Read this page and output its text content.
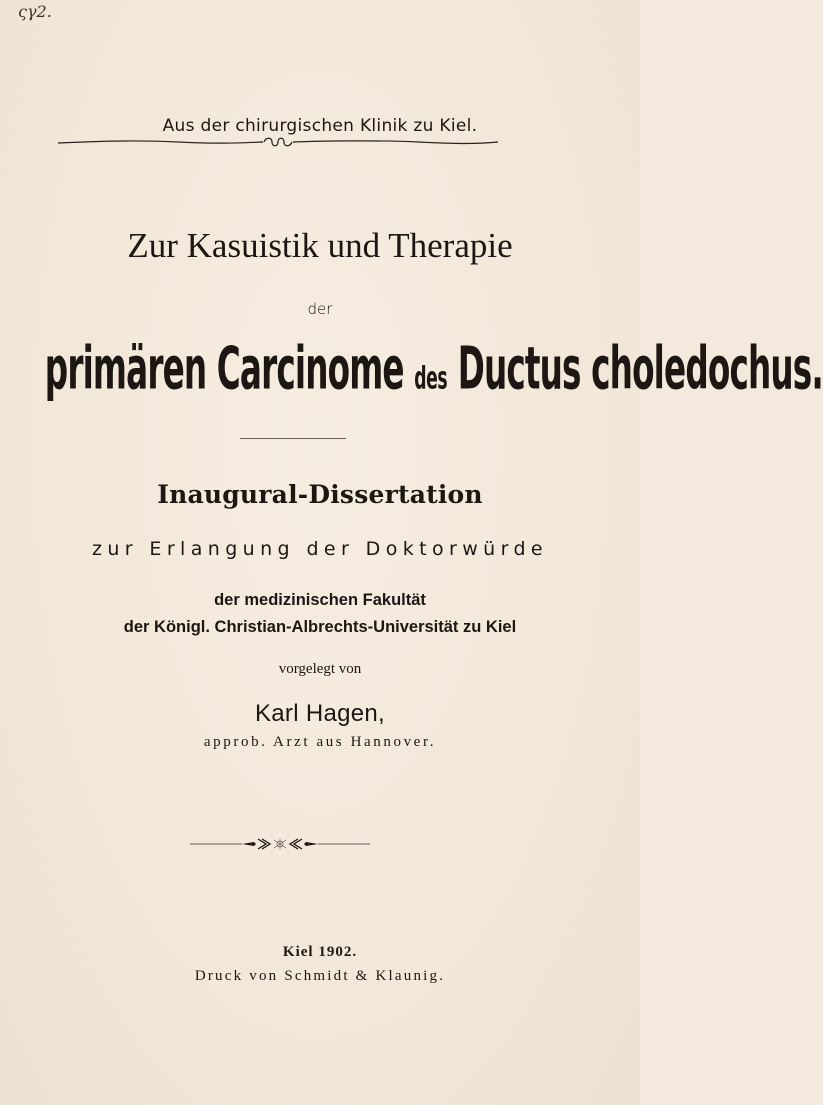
ςγ2.
Aus der chirurgischen Klinik zu Kiel.
Zur Kasuistik und Therapie
der
primären Carcinome des Ductus choledochus.
Inaugural-Dissertation
zur Erlangung der Doktorwürde
der medizinischen Fakultät
der Königl. Christian-Albrechts-Universität zu Kiel
vorgelegt von
Karl Hagen,
approb. Arzt aus Hannover.
Kiel 1902.
Druck von Schmidt & Klaunig.
